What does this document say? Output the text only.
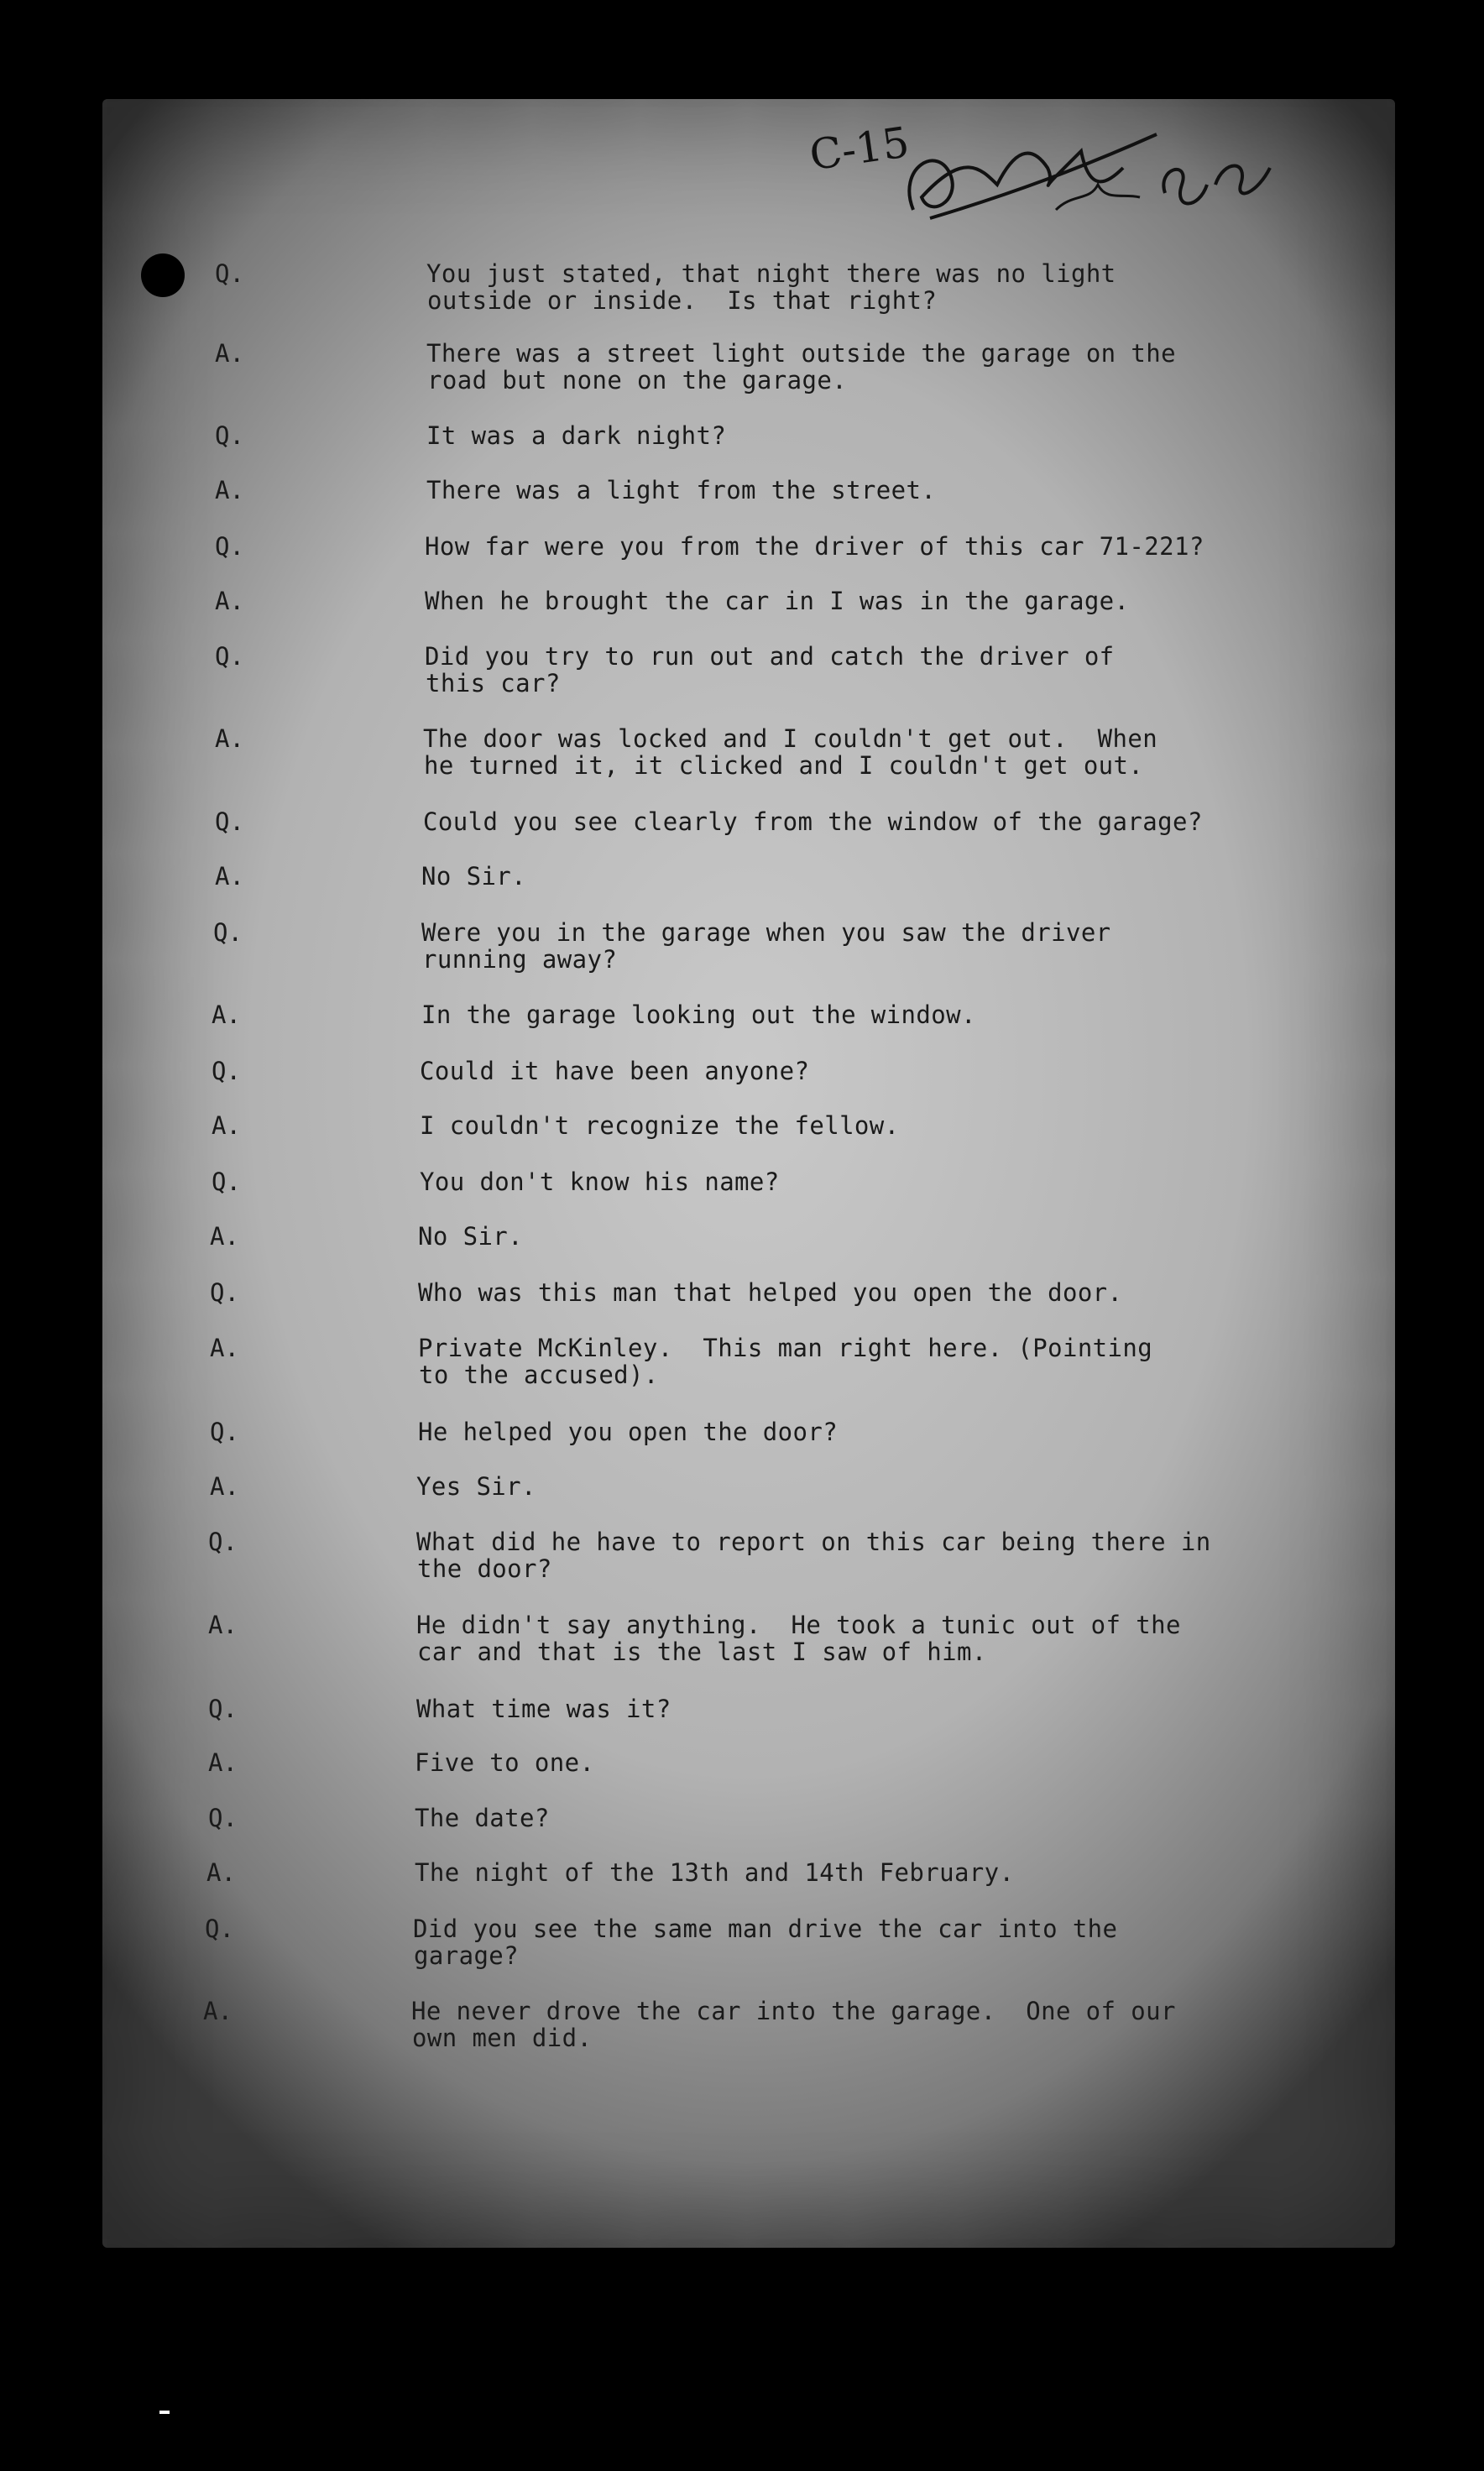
C-15
Q.	You just stated, that night there was no light
outside or inside.  Is that right?
A.	There was a street light outside the garage on the
road but none on the garage.
Q.	It was a dark night?
A.	There was a light from the street.
Q.	How far were you from the driver of this car 71-221?
A.	When he brought the car in I was in the garage.
Q.	Did you try to run out and catch the driver of
this car?
A.	The door was locked and I couldn't get out.  When
he turned it, it clicked and I couldn't get out.
Q.	Could you see clearly from the window of the garage?
A.	No Sir.
Q.	Were you in the garage when you saw the driver
running away?
A.	In the garage looking out the window.
Q.	Could it have been anyone?
A.	I couldn't recognize the fellow.
Q.	You don't know his name?
A.	No Sir.
Q.	Who was this man that helped you open the door.
A.	Private McKinley.  This man right here. (Pointing
to the accused).
Q.	He helped you open the door?
A.	Yes Sir.
Q.	What did he have to report on this car being there in
the door?
A.	He didn't say anything.  He took a tunic out of the
car and that is the last I saw of him.
Q.	What time was it?
A.	Five to one.
Q.	The date?
A.	The night of the 13th and 14th February.
Q.	Did you see the same man drive the car into the
garage?
A.	He never drove the car into the garage.  One of our
own men did.
